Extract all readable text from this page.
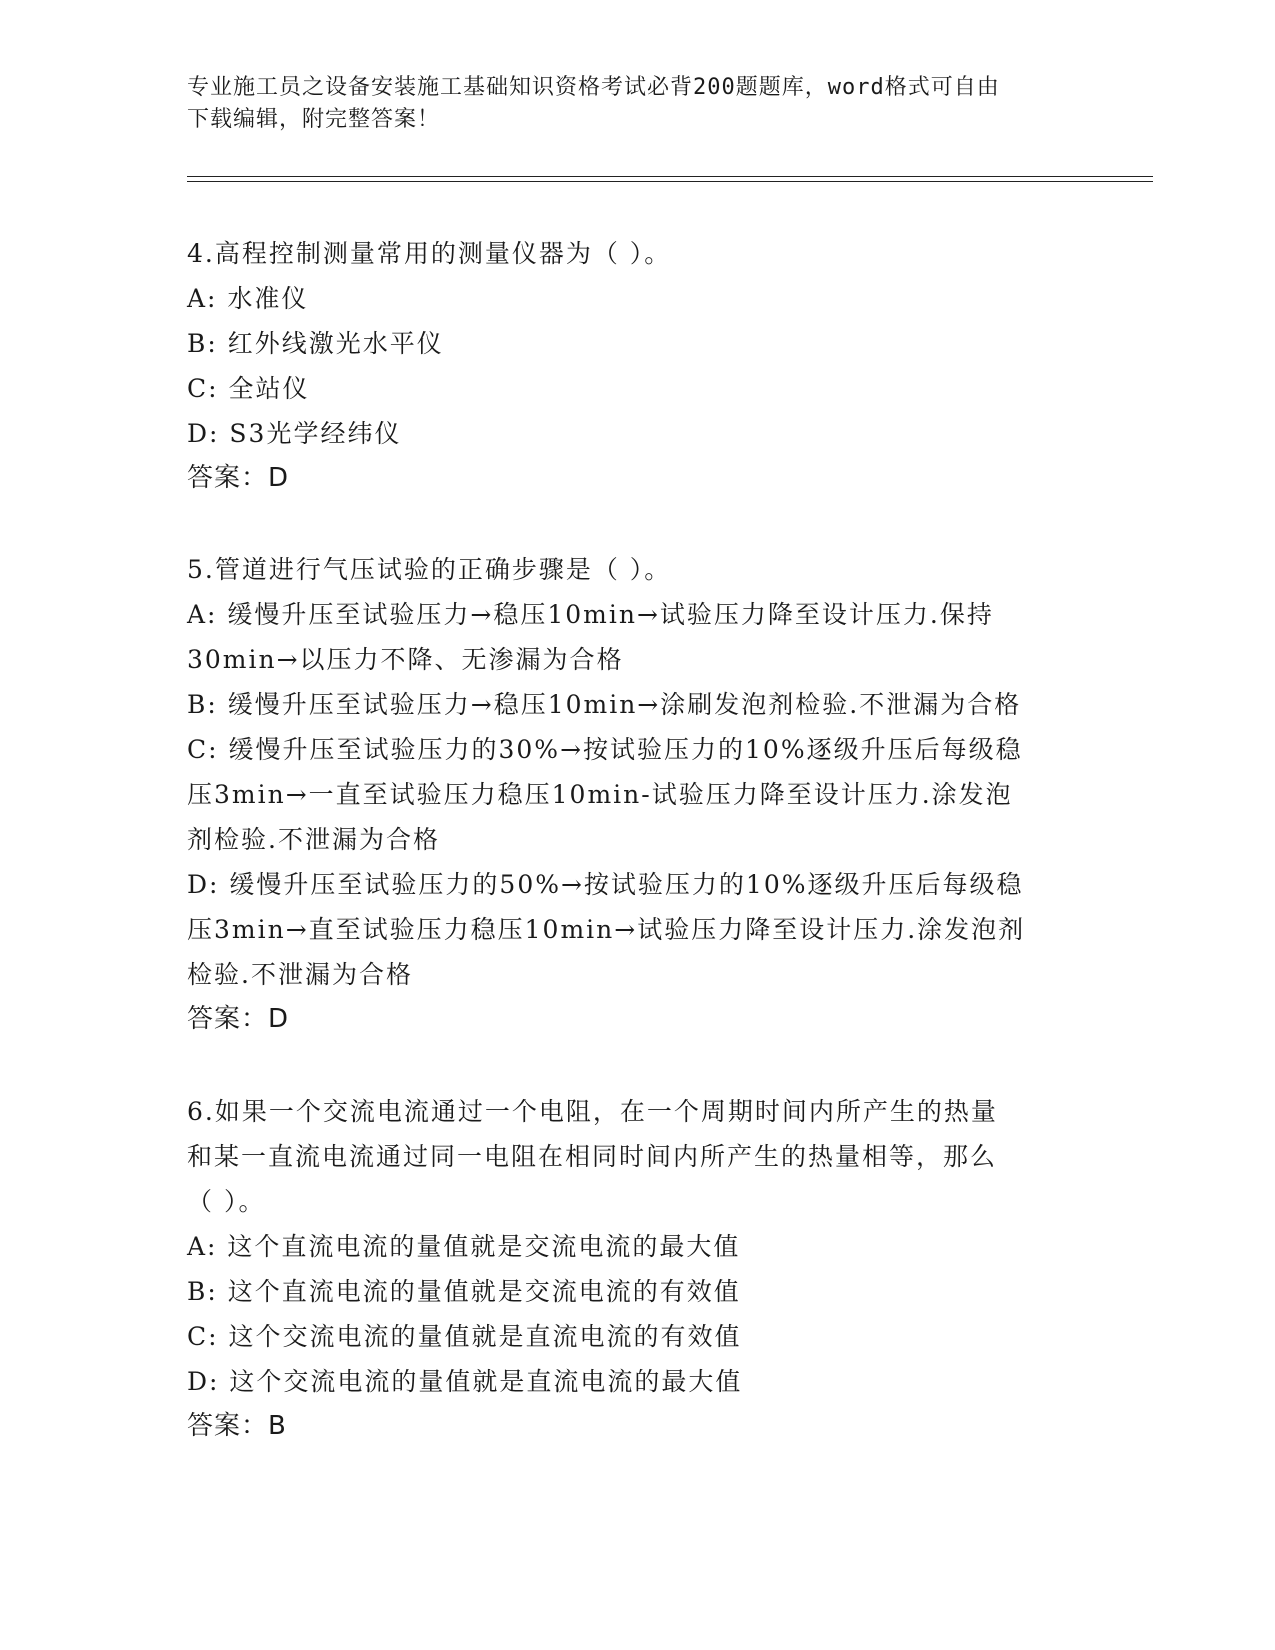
专业施工员之设备安装施工基础知识资格考试必背200题题库，word格式可自由
下载编辑，附完整答案！
4.高程控制测量常用的测量仪器为（ ）。
A: 水准仪
B: 红外线激光水平仪
C: 全站仪
D: S3光学经纬仪
答案：D
5.管道进行气压试验的正确步骤是（ ）。
A: 缓慢升压至试验压力→稳压10min→试验压力降至设计压力.保持
30min→以压力不降、无渗漏为合格
B: 缓慢升压至试验压力→稳压10min→涂刷发泡剂检验.不泄漏为合格
C: 缓慢升压至试验压力的30%→按试验压力的10%逐级升压后每级稳
压3min→一直至试验压力稳压10min-试验压力降至设计压力.涂发泡
剂检验.不泄漏为合格
D: 缓慢升压至试验压力的50%→按试验压力的10%逐级升压后每级稳
压3min→直至试验压力稳压10min→试验压力降至设计压力.涂发泡剂
检验.不泄漏为合格
答案：D
6.如果一个交流电流通过一个电阻，在一个周期时间内所产生的热量
和某一直流电流通过同一电阻在相同时间内所产生的热量相等，那么
（ ）。
A: 这个直流电流的量值就是交流电流的最大值
B: 这个直流电流的量值就是交流电流的有效值
C: 这个交流电流的量值就是直流电流的有效值
D: 这个交流电流的量值就是直流电流的最大值
答案：B
